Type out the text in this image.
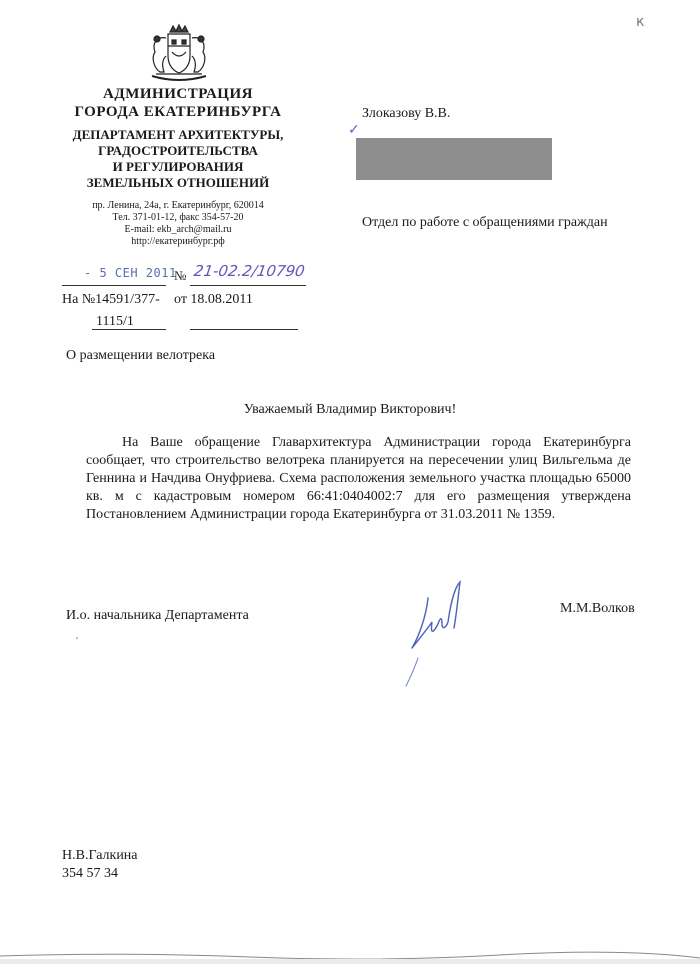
АДМИНИСТРАЦИЯ
ГОРОДА ЕКАТЕРИНБУРГА
ДЕПАРТАМЕНТ АРХИТЕКТУРЫ,
ГРАДОСТРОИТЕЛЬСТВА
И РЕГУЛИРОВАНИЯ
ЗЕМЕЛЬНЫХ ОТНОШЕНИЙ
пр. Ленина, 24а, г. Екатеринбург, 620014
Тел. 371-01-12, факс 354-57-20
E-mail: ekb_arch@mail.ru
http://екатеринбург.рф
- 5 СЕН 2011
№ 21-02.2/10790
На №14591/377- от 18.08.2011
1115/1
к
Злоказову В.В.
✓
Отдел по работе с обращениями граждан
О размещении велотрека
Уважаемый Владимир Викторович!

На Ваше обращение Главархитектура Администрации города Екатеринбурга сообщает, что строительство велотрека планируется на пересечении улиц Вильгельма де Геннина и Начдива Онуфриева. Схема расположения земельного участка площадью 65000 кв. м с кадастровым номером 66:41:0404002:7 для его размещения утверждена Постановлением Администрации города Екатеринбурга от 31.03.2011 № 1359.

И.о. начальника Департамента	М.М.Волков
ʹ
Н.В.Галкина
354 57 34
